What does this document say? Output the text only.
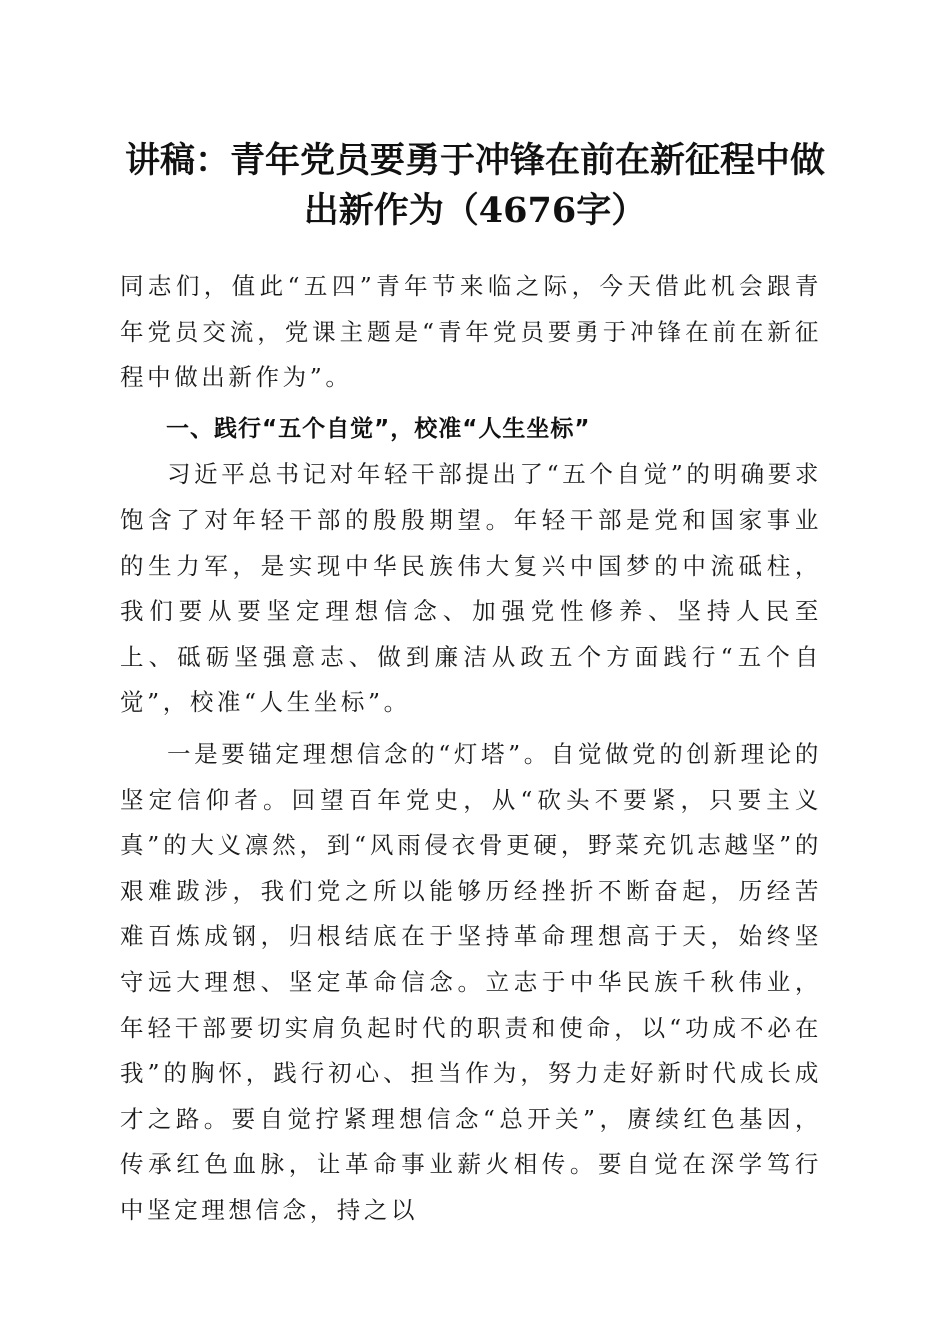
讲稿：青年党员要勇于冲锋在前在新征程中做
出新作为（4676字）

同志们，值此“五四”青年节来临之际，今天借此机会跟青年党员交流，党课主题是“青年党员要勇于冲锋在前在新征程中做出新作为”。

一、践行“五个自觉”，校准“人生坐标”

习近平总书记对年轻干部提出了“五个自觉”的明确要求饱含了对年轻干部的殷殷期望。年轻干部是党和国家事业的生力军，是实现中华民族伟大复兴中国梦的中流砥柱，我们要从要坚定理想信念、加强党性修养、坚持人民至上、砥砺坚强意志、做到廉洁从政五个方面践行“五个自觉”，校准“人生坐标”。

一是要锚定理想信念的“灯塔”。自觉做党的创新理论的坚定信仰者。回望百年党史，从“砍头不要紧，只要主义真”的大义凛然，到“风雨侵衣骨更硬，野菜充饥志越坚”的艰难跋涉，我们党之所以能够历经挫折不断奋起，历经苦难百炼成钢，归根结底在于坚持革命理想高于天，始终坚守远大理想、坚定革命信念。立志于中华民族千秋伟业，年轻干部要切实肩负起时代的职责和使命，以“功成不必在我”的胸怀，践行初心、担当作为，努力走好新时代成长成才之路。要自觉拧紧理想信念“总开关”，赓续红色基因，传承红色血脉，让革命事业薪火相传。要自觉在深学笃行中坚定理想信念，持之以
